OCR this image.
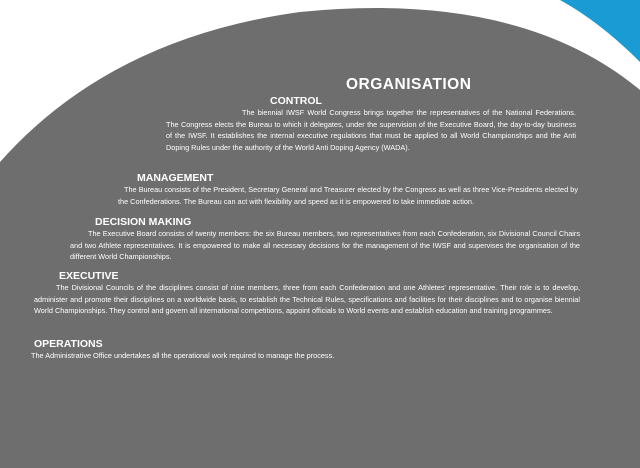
ORGANISATION
CONTROL

The biennial IWSF World Congress brings together the representatives of the National Federations. The Congress elects the Bureau to which it delegates, under the supervision of the Executive Board, the day-to-day business of the IWSF. It establishes the internal executive regulations that must be applied to all World Championships and the Anti Doping Rules under the authority of the World Anti Doping Agency (WADA).

MANAGEMENT

The Bureau consists of the President, Secretary General and Treasurer elected by the Congress as well as three Vice-Presidents elected by the Confederations. The Bureau can act with flexibility and speed as it is empowered to take immediate action.

DECISION MAKING

The Executive Board consists of twenty members: the six Bureau members, two representatives from each Confederation, six Divisional Council Chairs and two Athlete representatives. It is empowered to make all necessary decisions for the management of the IWSF and supervises the organisation of the different World Championships.

EXECUTIVE

The Divisional Councils of the disciplines consist of nine members, three from each Confederation and one Athletes' representative. Their role is to develop, administer and promote their disciplines on a worldwide basis, to establish the Technical Rules, specifications and facilities for their disciplines and to organise biennial World Championships. They control and govern all international competitions, appoint officials to World events and establish education and training programmes.

OPERATIONS

The Administrative Office undertakes all the operational work required to manage the process.
